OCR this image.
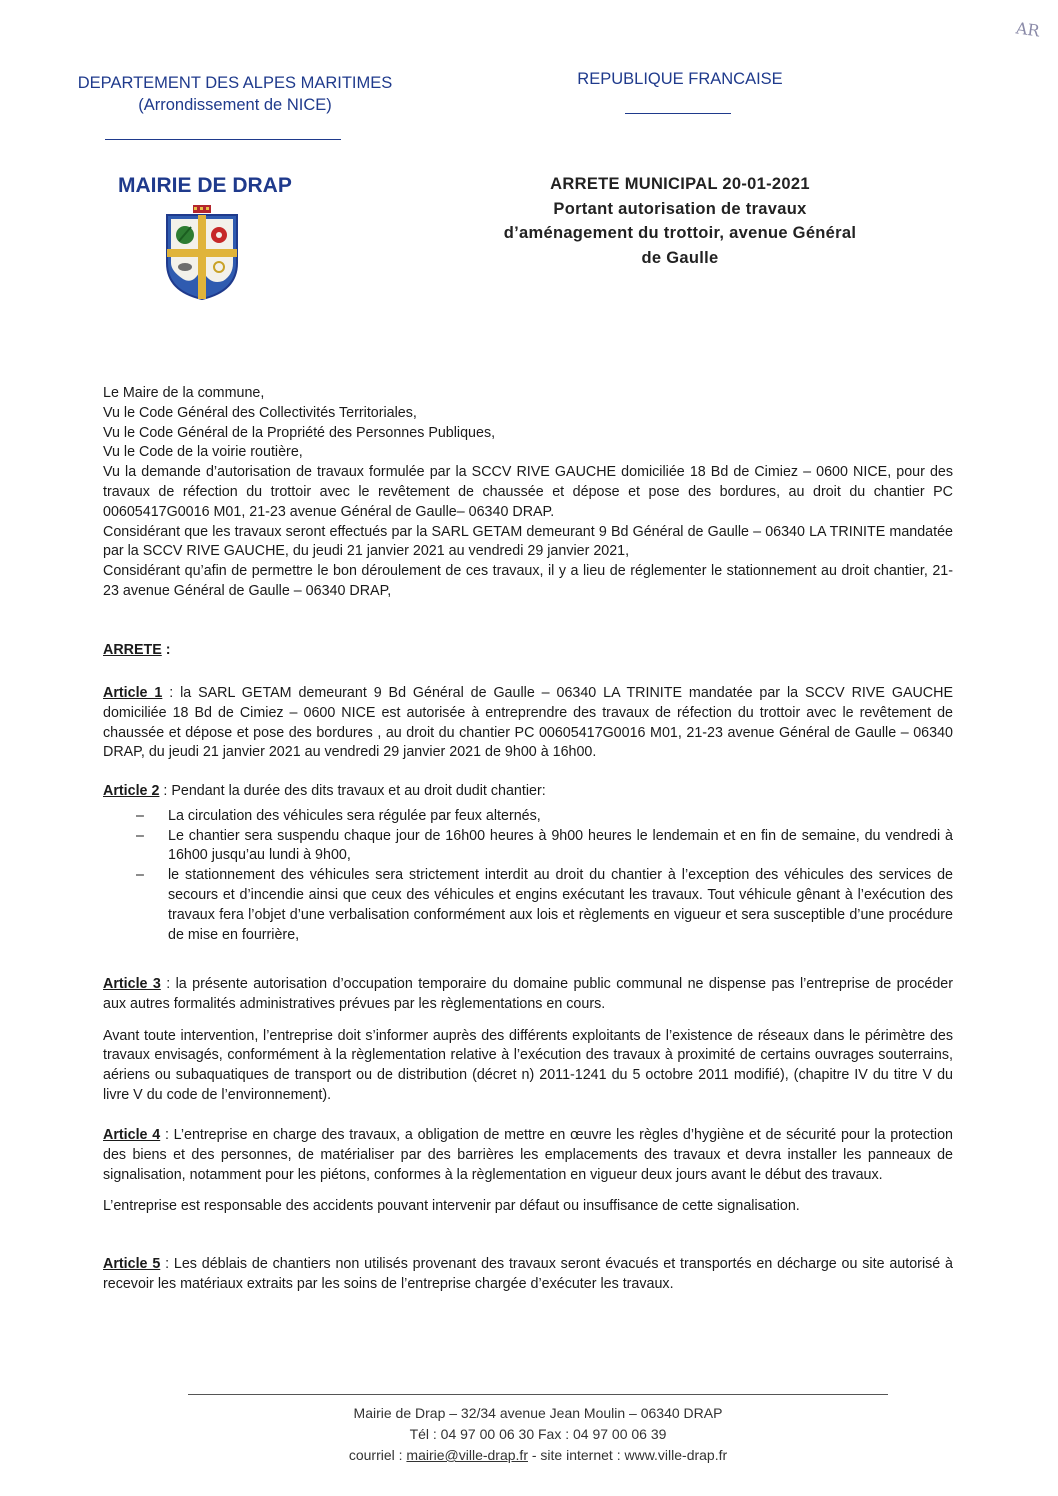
AR
DEPARTEMENT DES ALPES MARITIMES
(Arrondissement de NICE)
REPUBLIQUE FRANCAISE
MAIRIE DE DRAP	ARRETE MUNICIPAL 20-01-2021
Portant autorisation de travaux
d’aménagement du trottoir, avenue Général
de Gaulle

Le Maire de la commune,

Vu le Code Général des Collectivités Territoriales,

Vu le Code Général de la Propriété des Personnes Publiques,

Vu le Code de la voirie routière,

Vu la demande d’autorisation de travaux formulée par la SCCV RIVE GAUCHE domiciliée 18 Bd de Cimiez – 0600 NICE, pour des travaux de réfection du trottoir avec le revêtement de chaussée et dépose et pose des bordures, au droit du chantier PC 00605417G0016 M01, 21-23 avenue Général de Gaulle– 06340 DRAP.

Considérant que les travaux seront effectués par la SARL GETAM demeurant 9 Bd Général de Gaulle – 06340 LA TRINITE mandatée par la SCCV RIVE GAUCHE, du jeudi 21 janvier 2021 au vendredi 29 janvier 2021,

Considérant qu’afin de permettre le bon déroulement de ces travaux, il y a lieu de réglementer le stationnement au droit chantier, 21-23 avenue Général de Gaulle – 06340 DRAP,

ARRETE :

Article 1 : la SARL GETAM demeurant 9 Bd Général de Gaulle – 06340 LA TRINITE mandatée par la SCCV RIVE GAUCHE domiciliée 18 Bd de Cimiez – 0600 NICE est autorisée à entreprendre des travaux de réfection du trottoir avec le revêtement de chaussée et dépose et pose des bordures , au droit du chantier PC 00605417G0016 M01, 21-23 avenue Général de Gaulle – 06340 DRAP, du jeudi 21 janvier 2021 au vendredi 29 janvier 2021 de 9h00 à 16h00.

Article 2 : Pendant la durée des dits travaux et au droit dudit chantier:

– La circulation des véhicules sera régulée par feux alternés,
– Le chantier sera suspendu chaque jour de 16h00 heures à 9h00 heures le lendemain et en fin de semaine, du vendredi à 16h00 jusqu’au lundi à 9h00,
– le stationnement des véhicules sera strictement interdit au droit du chantier à l’exception des véhicules des services de secours et d’incendie ainsi que ceux des véhicules et engins exécutant les travaux. Tout véhicule gênant à l’exécution des travaux fera l’objet d’une verbalisation conformément aux lois et règlements en vigueur et sera susceptible d’une procédure de mise en fourrière,

Article 3 : la présente autorisation d’occupation temporaire du domaine public communal ne dispense pas l’entreprise de procéder aux autres formalités administratives prévues par les règlementations en cours.

Avant toute intervention, l’entreprise doit s’informer auprès des différents exploitants de l’existence de réseaux dans le périmètre des travaux envisagés, conformément à la règlementation relative à l’exécution des travaux à proximité de certains ouvrages souterrains, aériens ou subaquatiques de transport ou de distribution (décret n) 2011-1241 du 5 octobre 2011 modifié), (chapitre IV du titre V du livre V du code de l’environnement).

Article 4 : L’entreprise en charge des travaux, a obligation de mettre en œuvre les règles d’hygiène et de sécurité pour la protection des biens et des personnes, de matérialiser par des barrières les emplacements des travaux et devra installer les panneaux de signalisation, notamment pour les piétons, conformes à la règlementation en vigueur deux jours avant le début des travaux.

L’entreprise est responsable des accidents pouvant intervenir par défaut ou insuffisance de cette signalisation.

Article 5 : Les déblais de chantiers non utilisés provenant des travaux seront évacués et transportés en décharge ou site autorisé à recevoir les matériaux extraits par les soins de l’entreprise chargée d’exécuter les travaux.

Mairie de Drap – 32/34 avenue Jean Moulin – 06340 DRAP
Tél : 04 97 00 06 30 Fax : 04 97 00 06 39
courriel : mairie@ville-drap.fr - site internet : www.ville-drap.fr
